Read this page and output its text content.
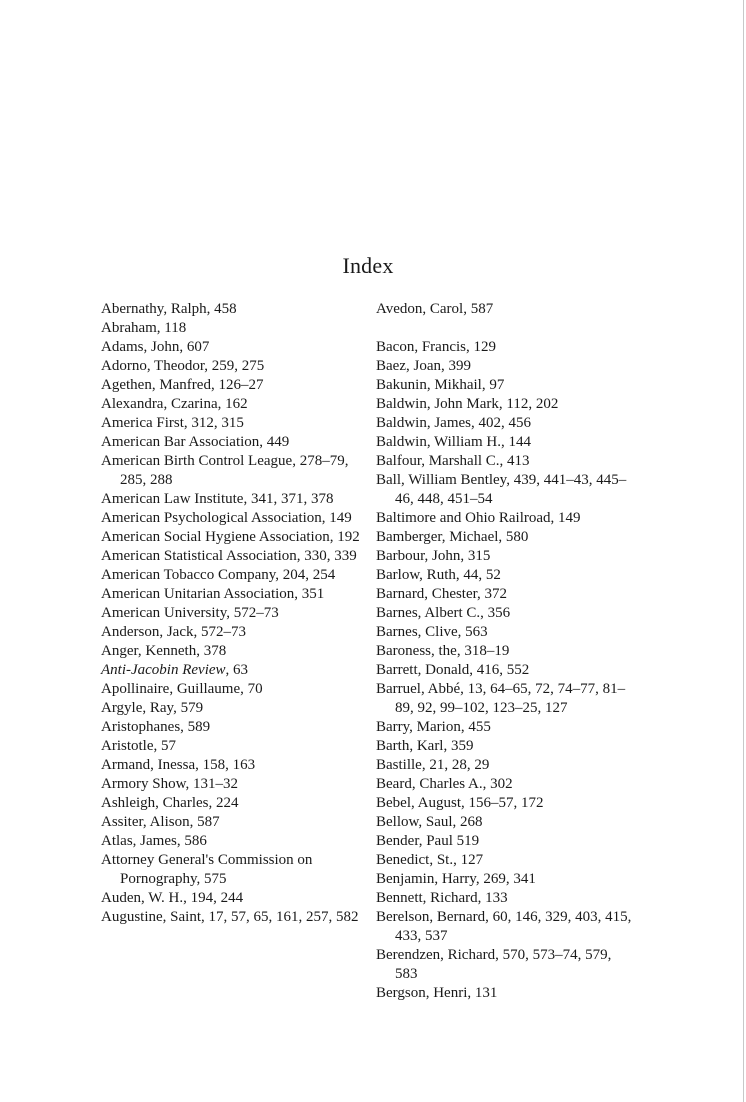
Index
Abernathy, Ralph, 458
Abraham, 118
Adams, John, 607
Adorno, Theodor, 259, 275
Agethen, Manfred, 126–27
Alexandra, Czarina, 162
America First, 312, 315
American Bar Association, 449
American Birth Control League, 278–79, 285, 288
American Law Institute, 341, 371, 378
American Psychological Association, 149
American Social Hygiene Association, 192
American Statistical Association, 330, 339
American Tobacco Company, 204, 254
American Unitarian Association, 351
American University, 572–73
Anderson, Jack, 572–73
Anger, Kenneth, 378
Anti-Jacobin Review, 63
Apollinaire, Guillaume, 70
Argyle, Ray, 579
Aristophanes, 589
Aristotle, 57
Armand, Inessa, 158, 163
Armory Show, 131–32
Ashleigh, Charles, 224
Assiter, Alison, 587
Atlas, James, 586
Attorney General's Commission on Pornography, 575
Auden, W. H., 194, 244
Augustine, Saint, 17, 57, 65, 161, 257, 582
Avedon, Carol, 587
Bacon, Francis, 129
Baez, Joan, 399
Bakunin, Mikhail, 97
Baldwin, John Mark, 112, 202
Baldwin, James, 402, 456
Baldwin, William H., 144
Balfour, Marshall C., 413
Ball, William Bentley, 439, 441–43, 445–46, 448, 451–54
Baltimore and Ohio Railroad, 149
Bamberger, Michael, 580
Barbour, John, 315
Barlow, Ruth, 44, 52
Barnard, Chester, 372
Barnes, Albert C., 356
Barnes, Clive, 563
Baroness, the, 318–19
Barrett, Donald, 416, 552
Barruel, Abbé, 13, 64–65, 72, 74–77, 81–89, 92, 99–102, 123–25, 127
Barry, Marion, 455
Barth, Karl, 359
Bastille, 21, 28, 29
Beard, Charles A., 302
Bebel, August, 156–57, 172
Bellow, Saul, 268
Bender, Paul 519
Benedict, St., 127
Benjamin, Harry, 269, 341
Bennett, Richard, 133
Berelson, Bernard, 60, 146, 329, 403, 415, 433, 537
Berendzen, Richard, 570, 573–74, 579, 583
Bergson, Henri, 131
